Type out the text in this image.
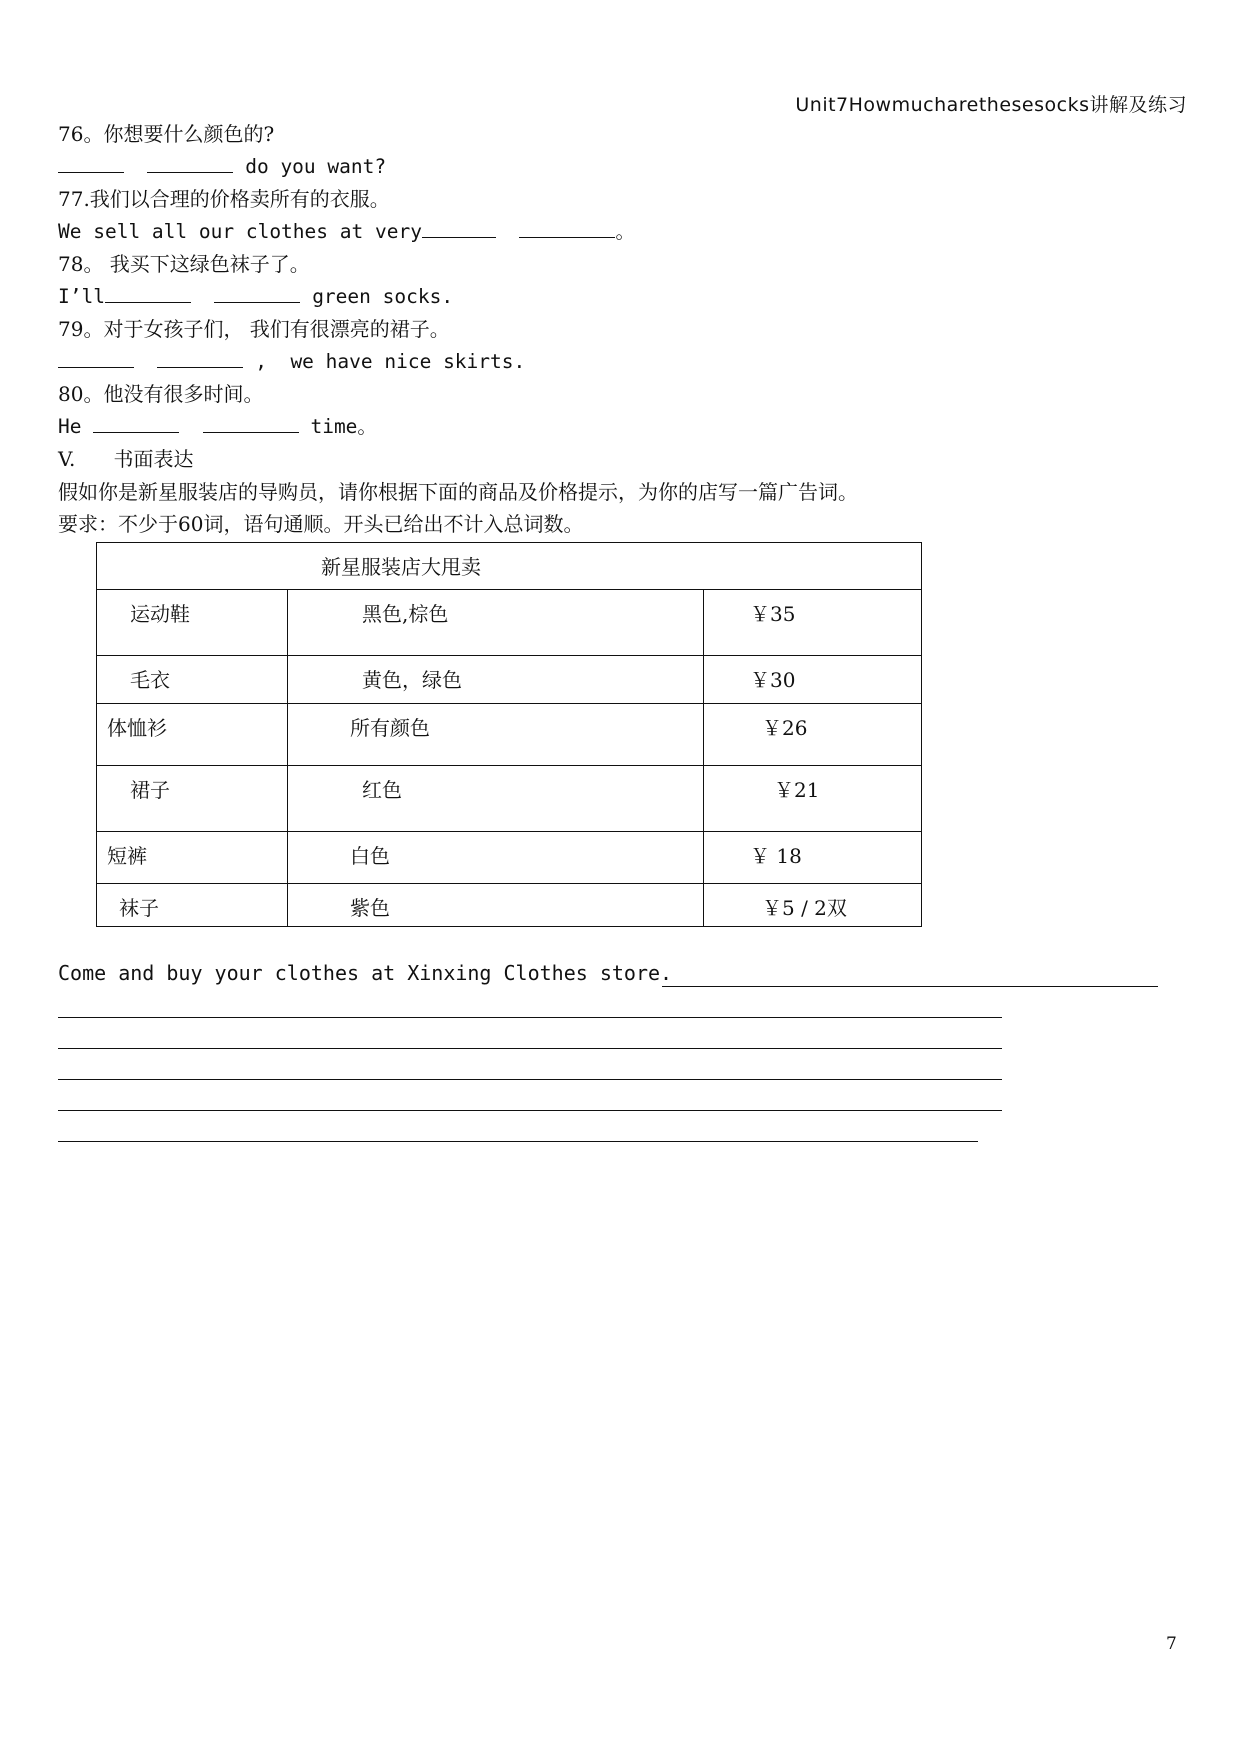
Unit7Howmucharethesesocks讲解及练习
76。你想要什么颜色的?
do you want?
77.我们以合理的价格卖所有的衣服。
We sell all our clothes at very	。
78。 我买下这绿色袜子了。
I’ll	green socks.
79。对于女孩子们， 我们有很漂亮的裙子。
,  we have nice skirts.
80。他没有很多时间。
He	time。
V. 书面表达
假如你是新星服装店的导购员，请你根据下面的商品及价格提示，为你的店写一篇广告词。
要求：不少于60词，语句通顺。开头已给出不计入总词数。
新星服装店大甩卖		
运动鞋	黑色,棕色	￥35
毛衣	黄色，绿色	￥30
体恤衫	所有颜色	￥26
裙子	红色	￥21
短裤	白色	￥ 18
袜子	紫色	￥5 / 2双
Come and buy your clothes at Xinxing Clothes store.
7
